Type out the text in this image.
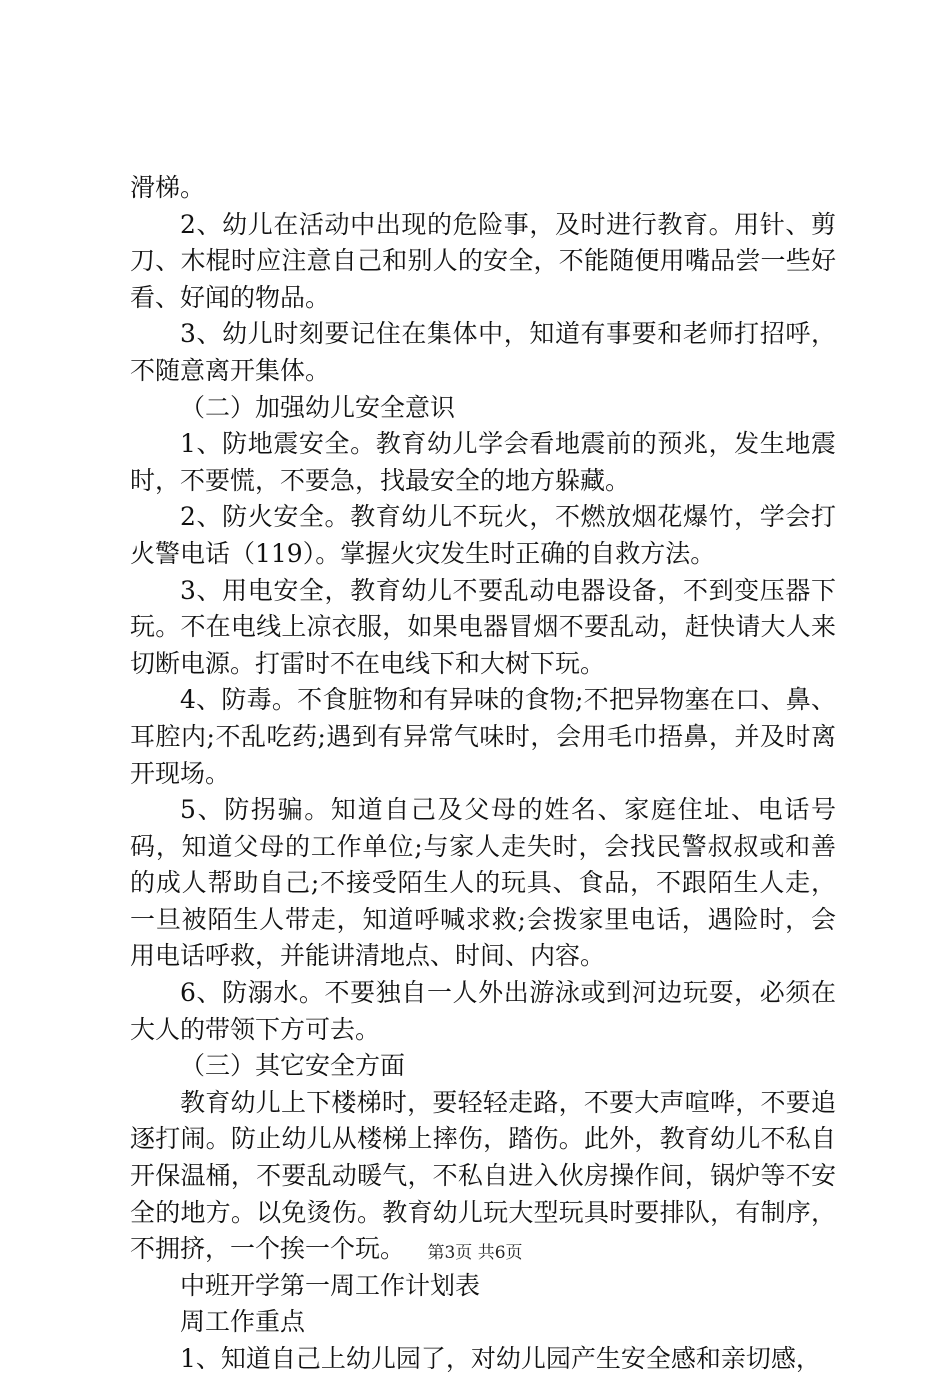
滑梯。

2、幼儿在活动中出现的危险事，及时进行教育。用针、剪刀、木棍时应注意自己和别人的安全，不能随便用嘴品尝一些好看、好闻的物品。

3、幼儿时刻要记住在集体中，知道有事要和老师打招呼，不随意离开集体。

（二）加强幼儿安全意识

1、防地震安全。教育幼儿学会看地震前的预兆，发生地震时，不要慌，不要急，找最安全的地方躲藏。

2、防火安全。教育幼儿不玩火，不燃放烟花爆竹，学会打火警电话（119）。掌握火灾发生时正确的自救方法。

3、用电安全，教育幼儿不要乱动电器设备，不到变压器下玩。不在电线上凉衣服，如果电器冒烟不要乱动，赶快请大人来切断电源。打雷时不在电线下和大树下玩。

4、防毒。不食脏物和有异味的食物;不把异物塞在口、鼻、耳腔内;不乱吃药;遇到有异常气味时，会用毛巾捂鼻，并及时离开现场。

5、防拐骗。知道自己及父母的姓名、家庭住址、电话号码，知道父母的工作单位;与家人走失时，会找民警叔叔或和善的成人帮助自己;不接受陌生人的玩具、食品，不跟陌生人走，一旦被陌生人带走，知道呼喊求救;会拨家里电话，遇险时，会用电话呼救，并能讲清地点、时间、内容。

6、防溺水。不要独自一人外出游泳或到河边玩耍，必须在大人的带领下方可去。

（三）其它安全方面

教育幼儿上下楼梯时，要轻轻走路，不要大声喧哗，不要追逐打闹。防止幼儿从楼梯上摔伤，踏伤。此外，教育幼儿不私自开保温桶，不要乱动暖气，不私自进入伙房操作间，锅炉等不安全的地方。以免烫伤。教育幼儿玩大型玩具时要排队，有制序，不拥挤，一个挨一个玩。

中班开学第一周工作计划表

周工作重点

1、知道自己上幼儿园了，对幼儿园产生安全感和亲切感，

第3页 共6页
